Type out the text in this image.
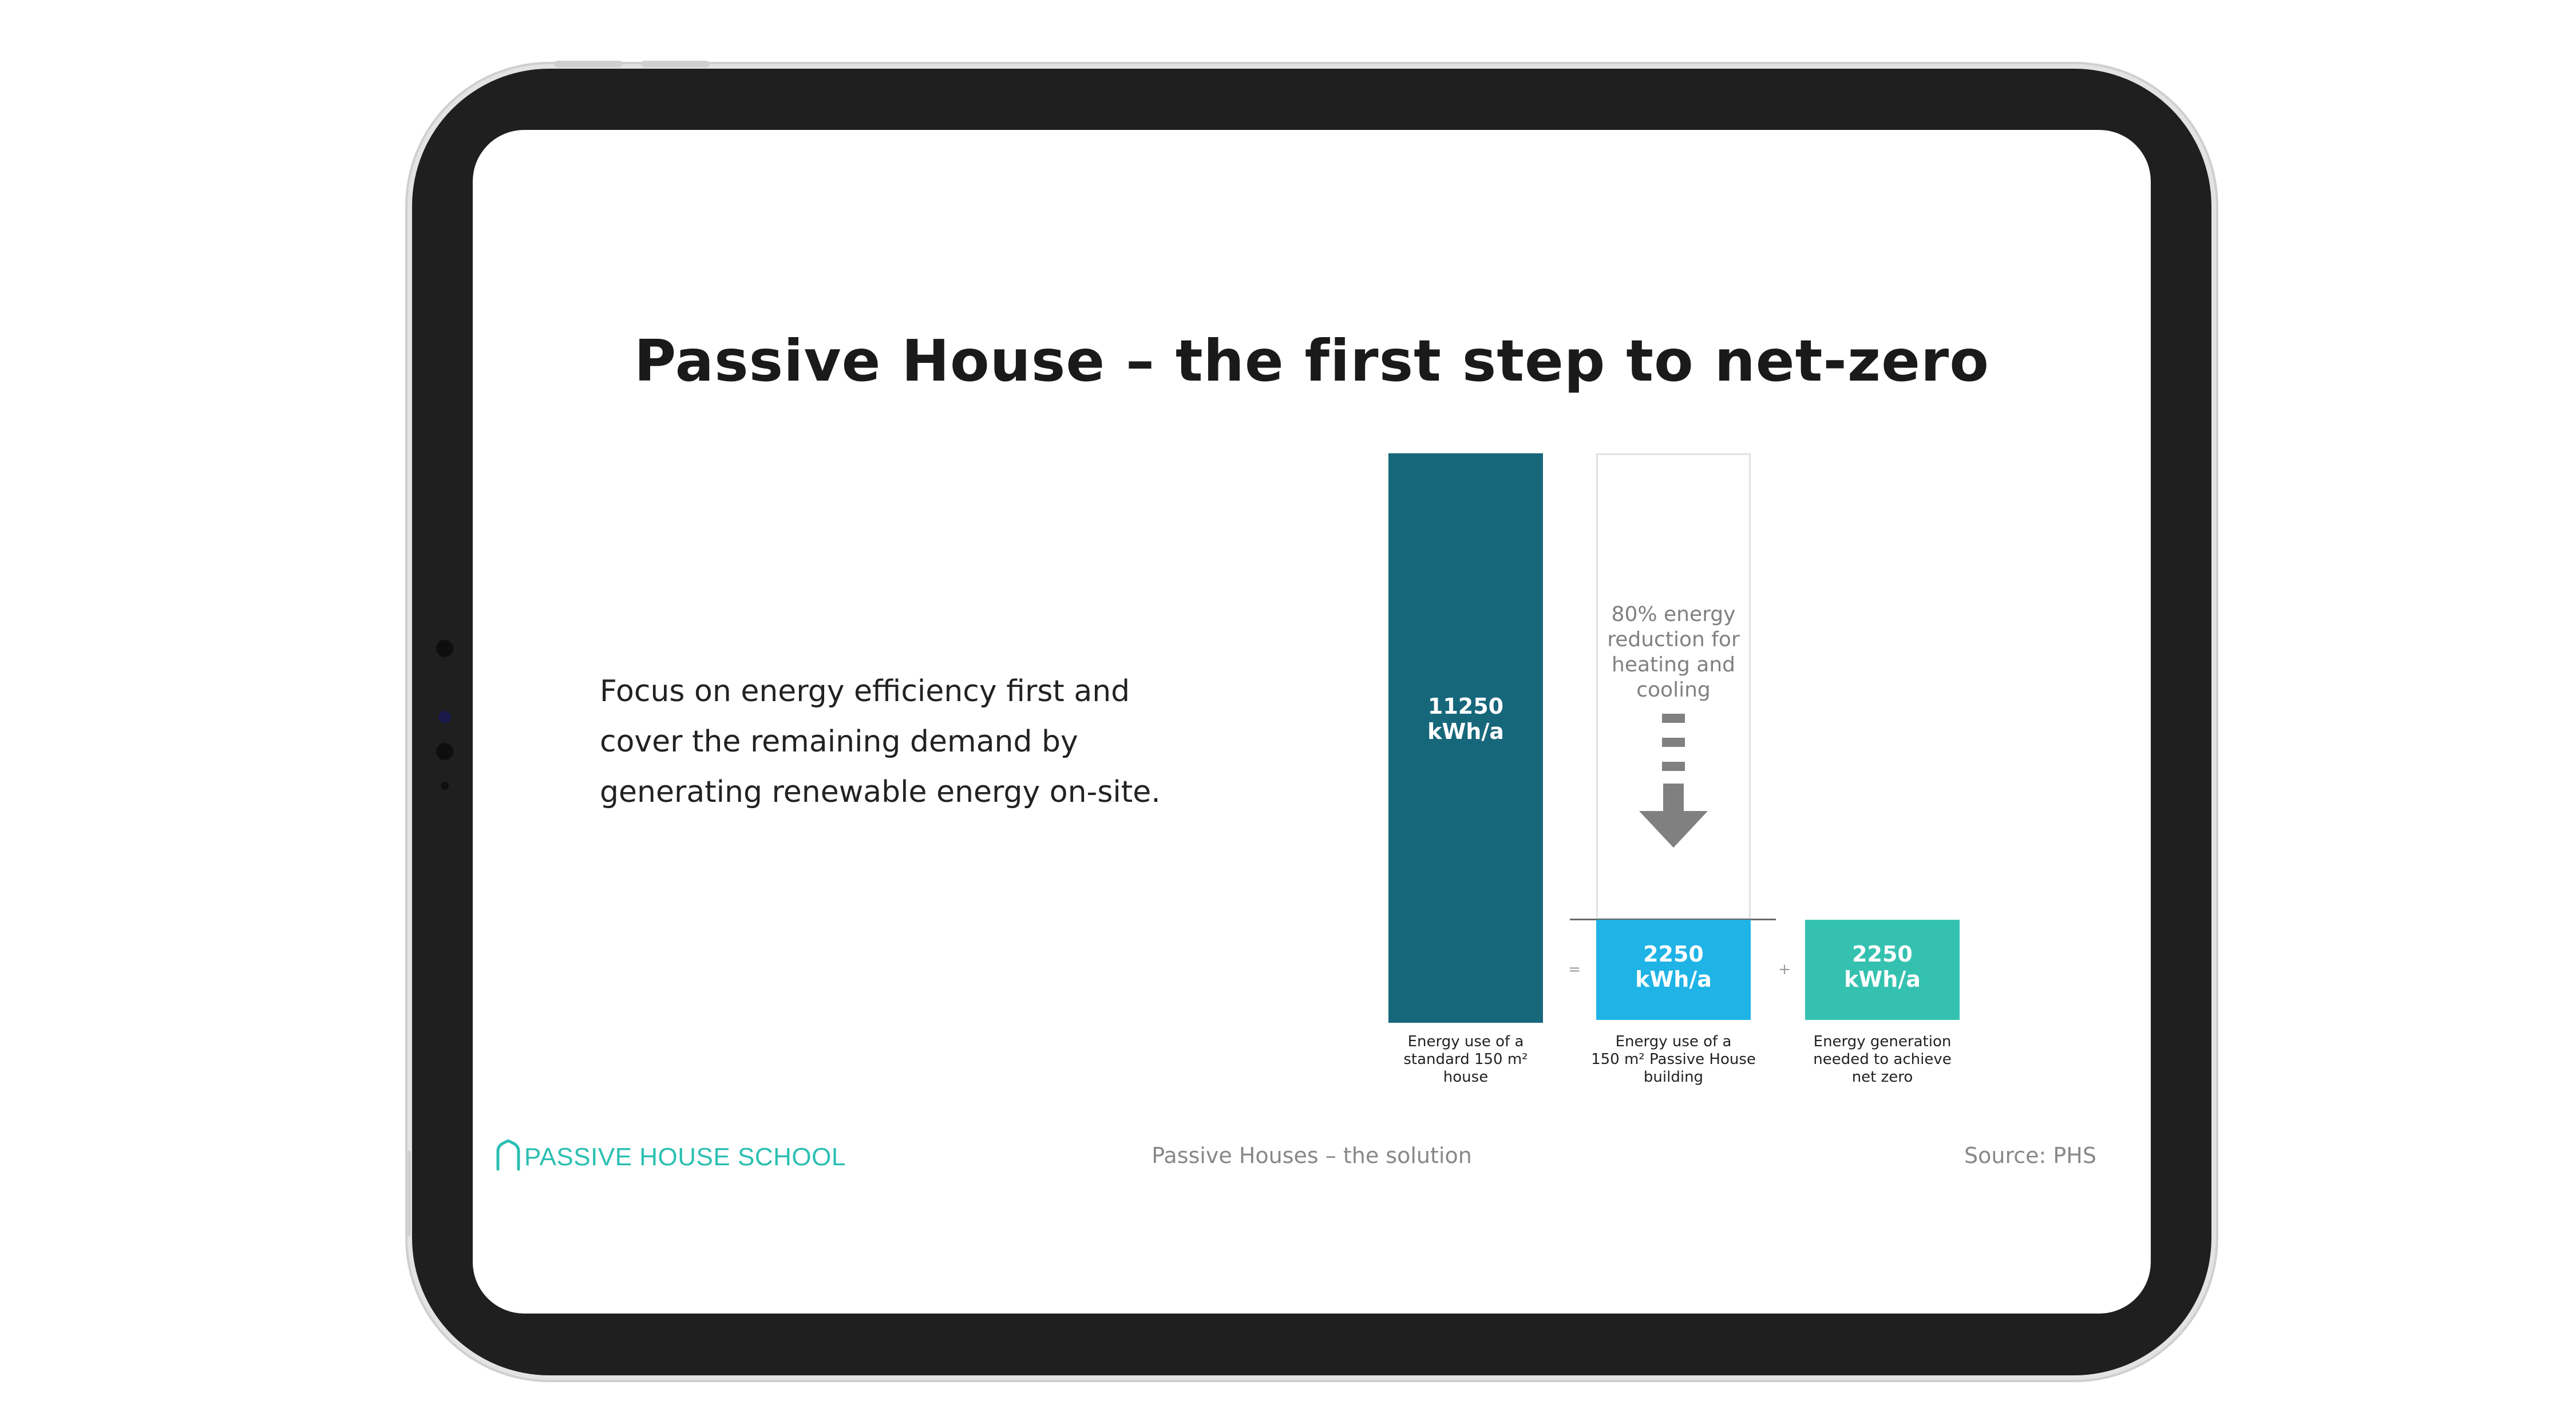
Passive House – the first step to net-zero
Focus on energy efficiency first and
cover the remaining demand by
generating renewable energy on-site.
80% energy
reduction for
heating and
cooling
11250
kWh/a
Energy use of a
standard 150 m²
house
=
2250
kWh/a
Energy use of a
150 m² Passive House
building
+
2250
kWh/a
Energy generation
needed to achieve
net zero
PASSIVE HOUSE SCHOOL	Passive Houses – the solution	Source: PHS
